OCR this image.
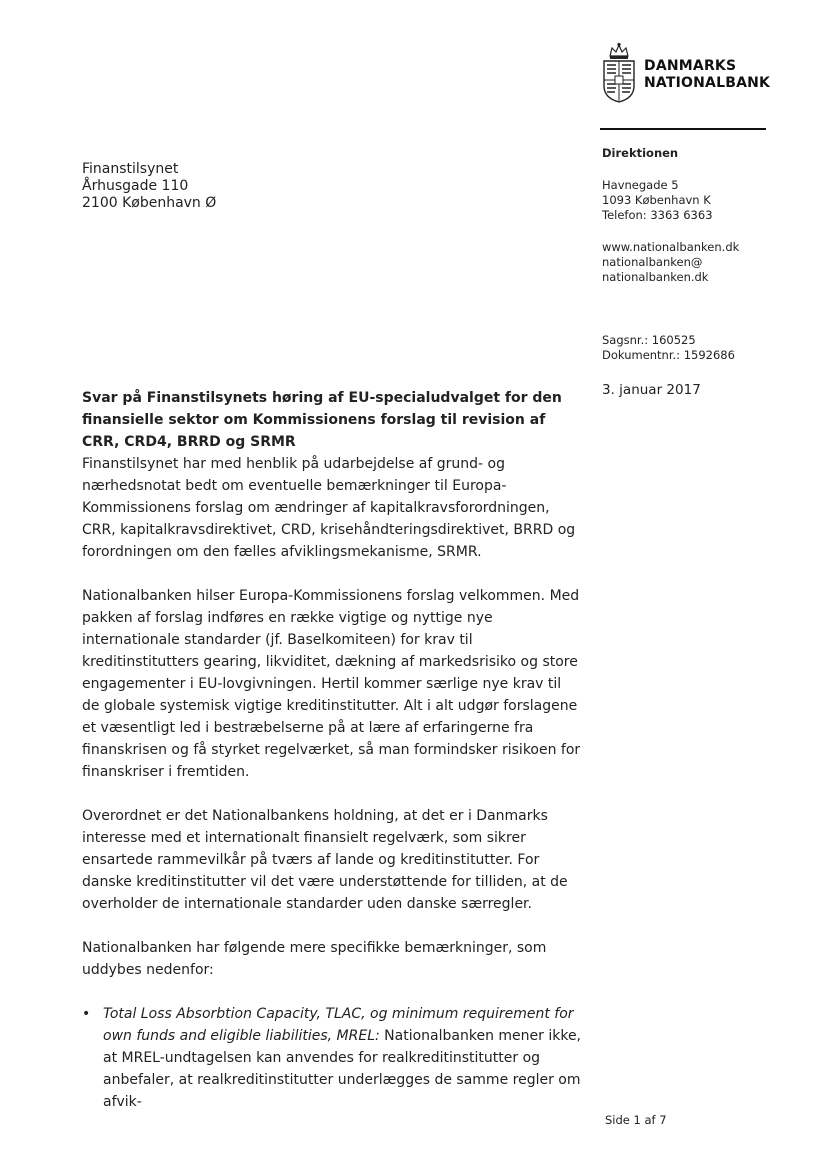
DANMARKS
NATIONALBANK
Direktionen
Havnegade 5
1093 København K
Telefon: 3363 6363
www.nationalbanken.dk
nationalbanken@
nationalbanken.dk
Sagsnr.: 160525
Dokumentnr.: 1592686
3. januar 2017
Finanstilsynet
Århusgade 110
2100 København Ø
Svar på Finanstilsynets høring af EU-specialudvalget for den finansielle sektor om Kommissionens forslag til revision af CRR, CRD4, BRRD og SRMR

Finanstilsynet har med henblik på udarbejdelse af grund- og nærhedsnotat bedt om eventuelle bemærkninger til Europa-Kommissionens forslag om ændringer af kapitalkravsforordningen, CRR, kapitalkravsdirektivet, CRD, krisehåndteringsdirektivet, BRRD og forordningen om den fælles afviklingsmekanisme, SRMR.

Nationalbanken hilser Europa-Kommissionens forslag velkommen. Med pakken af forslag indføres en række vigtige og nyttige nye internationale standarder (jf. Baselkomiteen) for krav til kreditinstitutters gearing, likviditet, dækning af markedsrisiko og store engagementer i EU-lovgivningen. Hertil kommer særlige nye krav til de globale systemisk vigtige kreditinstitutter. Alt i alt udgør forslagene et væsentligt led i bestræbelserne på at lære af erfaringerne fra finanskrisen og få styrket regelværket, så man formindsker risikoen for finanskriser i fremtiden.

Overordnet er det Nationalbankens holdning, at det er i Danmarks interesse med et internationalt finansielt regelværk, som sikrer ensartede rammevilkår på tværs af lande og kreditinstitutter. For danske kreditinstitutter vil det være understøttende for tilliden, at de overholder de internationale standarder uden danske særregler.

Nationalbanken har følgende mere specifikke bemærkninger, som uddybes nedenfor:

• Total Loss Absorbtion Capacity, TLAC, og minimum requirement for own funds and eligible liabilities, MREL: Nationalbanken mener ikke, at MREL-undtagelsen kan anvendes for realkreditinstitutter og anbefaler, at realkreditinstitutter underlægges de samme regler om afvik-
Side 1 af 7
